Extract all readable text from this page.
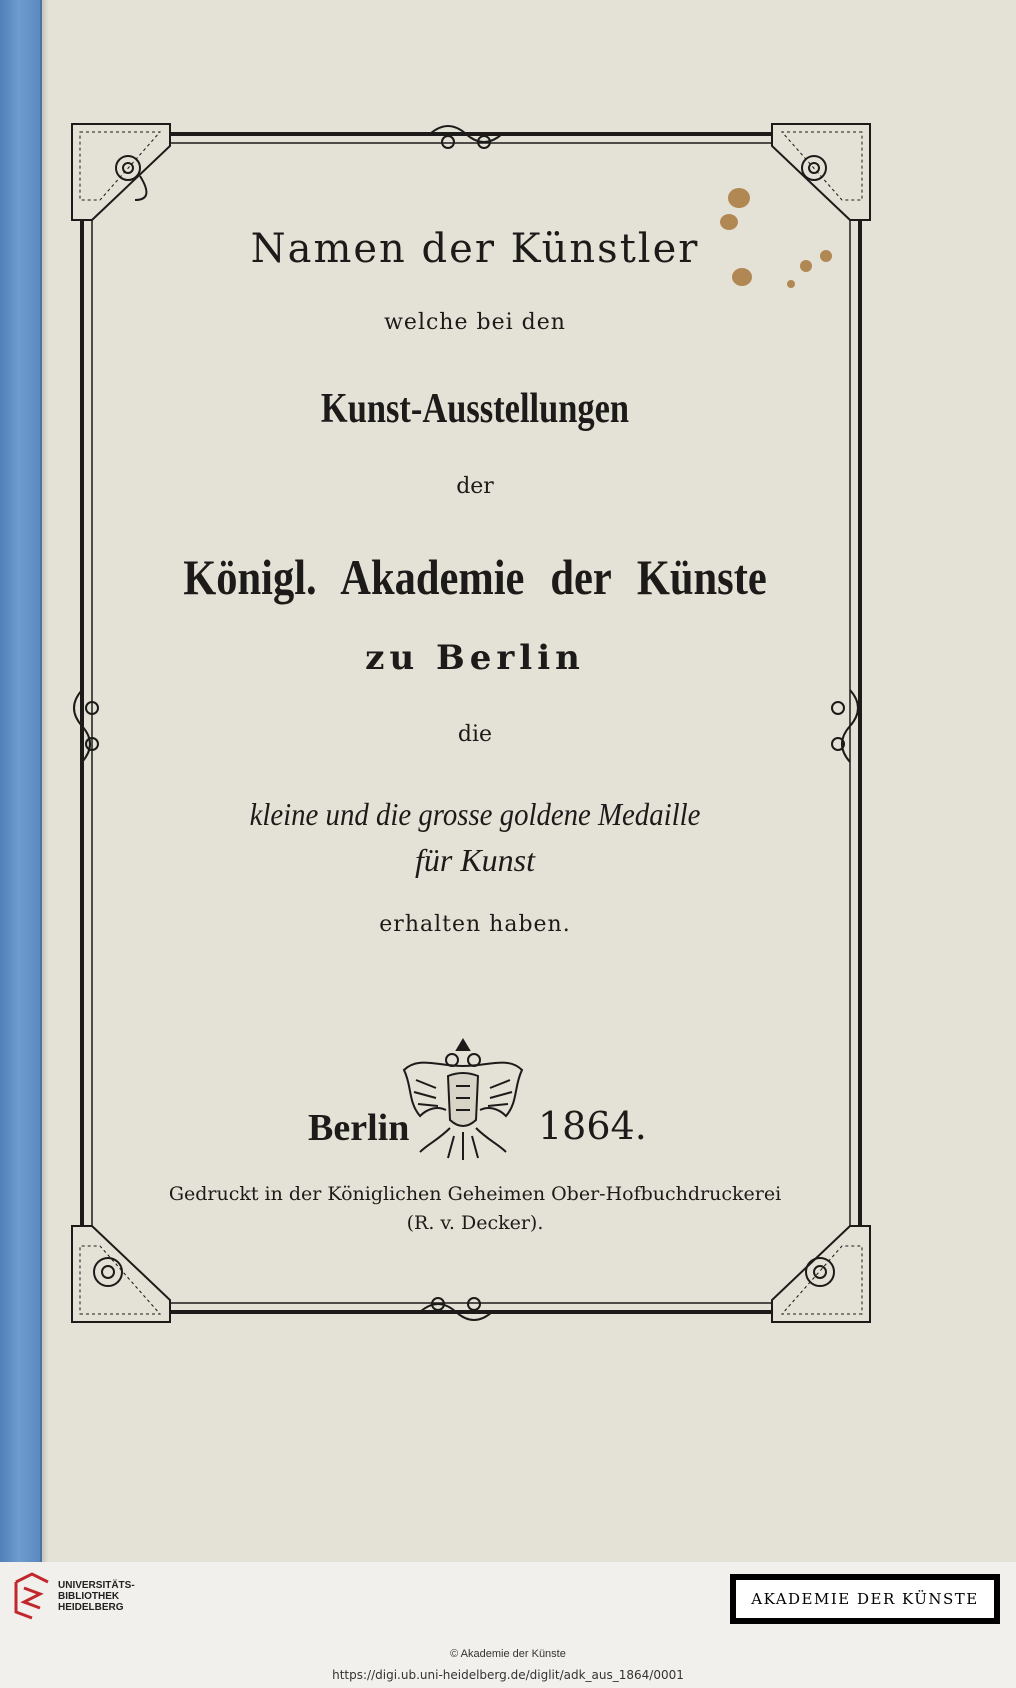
Namen der Künstler

welche bei den

Kunst-Ausstellungen

der

Königl. Akademie der Künste

zu Berlin

die

kleine und die grosse goldene Medaille

für Kunst

erhalten haben.

Berlin	1864.

Gedruckt in der Königlichen Geheimen Ober-Hofbuchdruckerei

(R. v. Decker).

UNIVERSITÄTS-
BIBLIOTHEK
HEIDELBERG	AKADEMIE DER KÜNSTE

© Akademie der Künste

https://digi.ub.uni-heidelberg.de/diglit/adk_aus_1864/0001
